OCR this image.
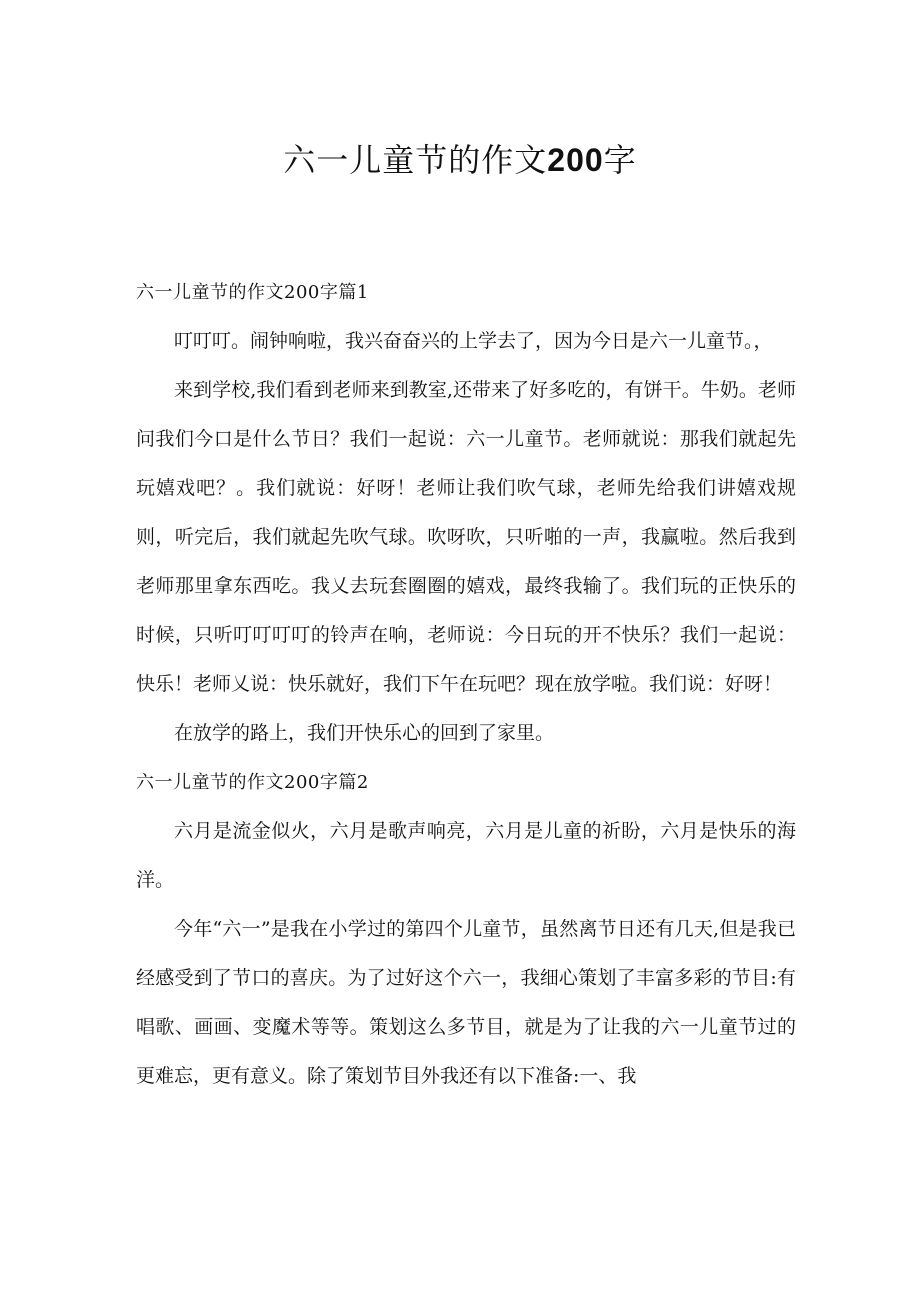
六一儿童节的作文200字
六一儿童节的作文200字篇1

叮叮叮。闹钟响啦，我兴奋奋兴的上学去了，因为今日是六一儿童节。，

来到学校,我们看到老师来到教室,还带来了好多吃的，有饼干。牛奶。老师问我们今口是什么节日？我们一起说：六一儿童节。老师就说：那我们就起先玩嬉戏吧？。我们就说：好呀！老师让我们吹气球，老师先给我们讲嬉戏规则，听完后，我们就起先吹气球。吹呀吹，只听啪的一声，我赢啦。然后我到老师那里拿东西吃。我乂去玩套圈圈的嬉戏，最终我输了。我们玩的正快乐的时候，只听叮叮叮叮的铃声在响，老师说：今日玩的开不快乐？我们一起说：快乐！老师乂说：快乐就好，我们下午在玩吧？现在放学啦。我们说：好呀！

在放学的路上，我们开快乐心的回到了家里。

六一儿童节的作文200字篇2

六月是流金似火，六月是歌声响亮，六月是儿童的祈盼，六月是快乐的海洋。

今年“六一”是我在小学过的第四个儿童节，虽然离节日还有几天,但是我已经感受到了节口的喜庆。为了过好这个六一，我细心策划了丰富多彩的节目:有唱歌、画画、变魔术等等。策划这么多节目，就是为了让我的六一儿童节过的更难忘，更有意义。除了策划节目外我还有以下准备:一、我
